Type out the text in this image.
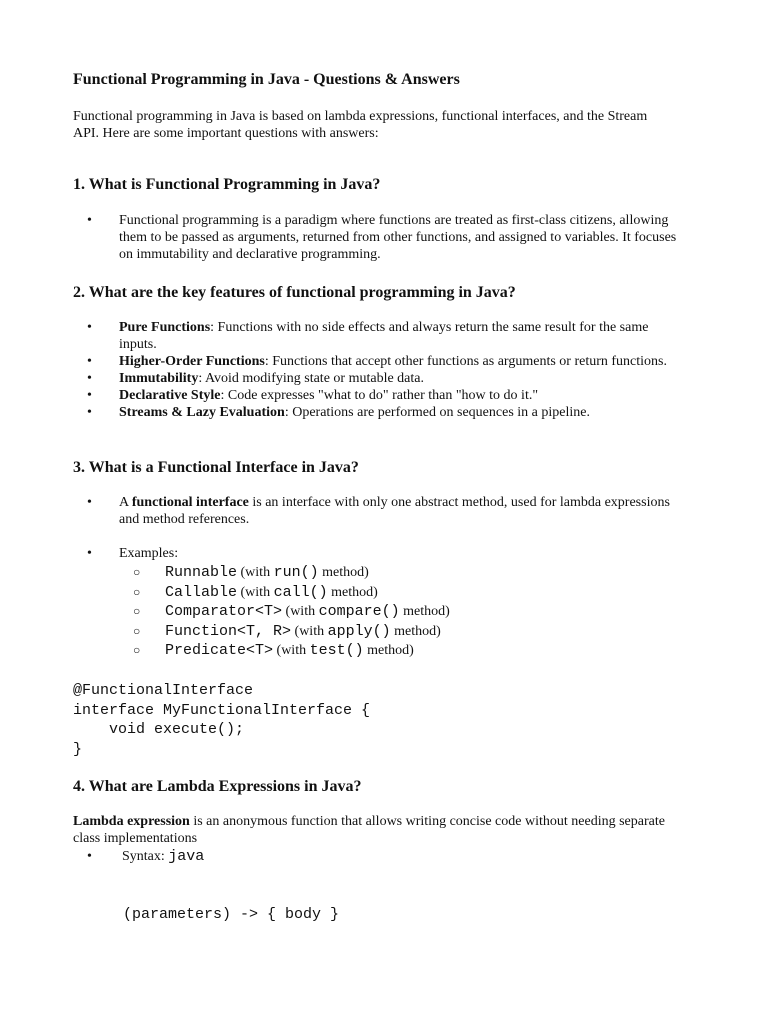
Functional Programming in Java - Questions & Answers
Functional programming in Java is based on lambda expressions, functional interfaces, and the Stream API. Here are some important questions with answers:
1. What is Functional Programming in Java?
• Functional programming is a paradigm where functions are treated as first-class citizens, allowing them to be passed as arguments, returned from other functions, and assigned to variables. It focuses on immutability and declarative programming.
2. What are the key features of functional programming in Java?
• Pure Functions: Functions with no side effects and always return the same result for the same inputs.
• Higher-Order Functions: Functions that accept other functions as arguments or return functions.
• Immutability: Avoid modifying state or mutable data.
• Declarative Style: Code expresses "what to do" rather than "how to do it."
• Streams & Lazy Evaluation: Operations are performed on sequences in a pipeline.
3. What is a Functional Interface in Java?
• A functional interface is an interface with only one abstract method, used for lambda expressions and method references.
• Examples:
○ Runnable (with run() method)
○ Callable (with call() method)
○ Comparator<T> (with compare() method)
○ Function<T, R> (with apply() method)
○ Predicate<T> (with test() method)
@FunctionalInterface
interface MyFunctionalInterface {
void execute();
}
4. What are Lambda Expressions in Java?
Lambda expression is an anonymous function that allows writing concise code without needing separate class implementations
• Syntax: java
(parameters) -> { body }
